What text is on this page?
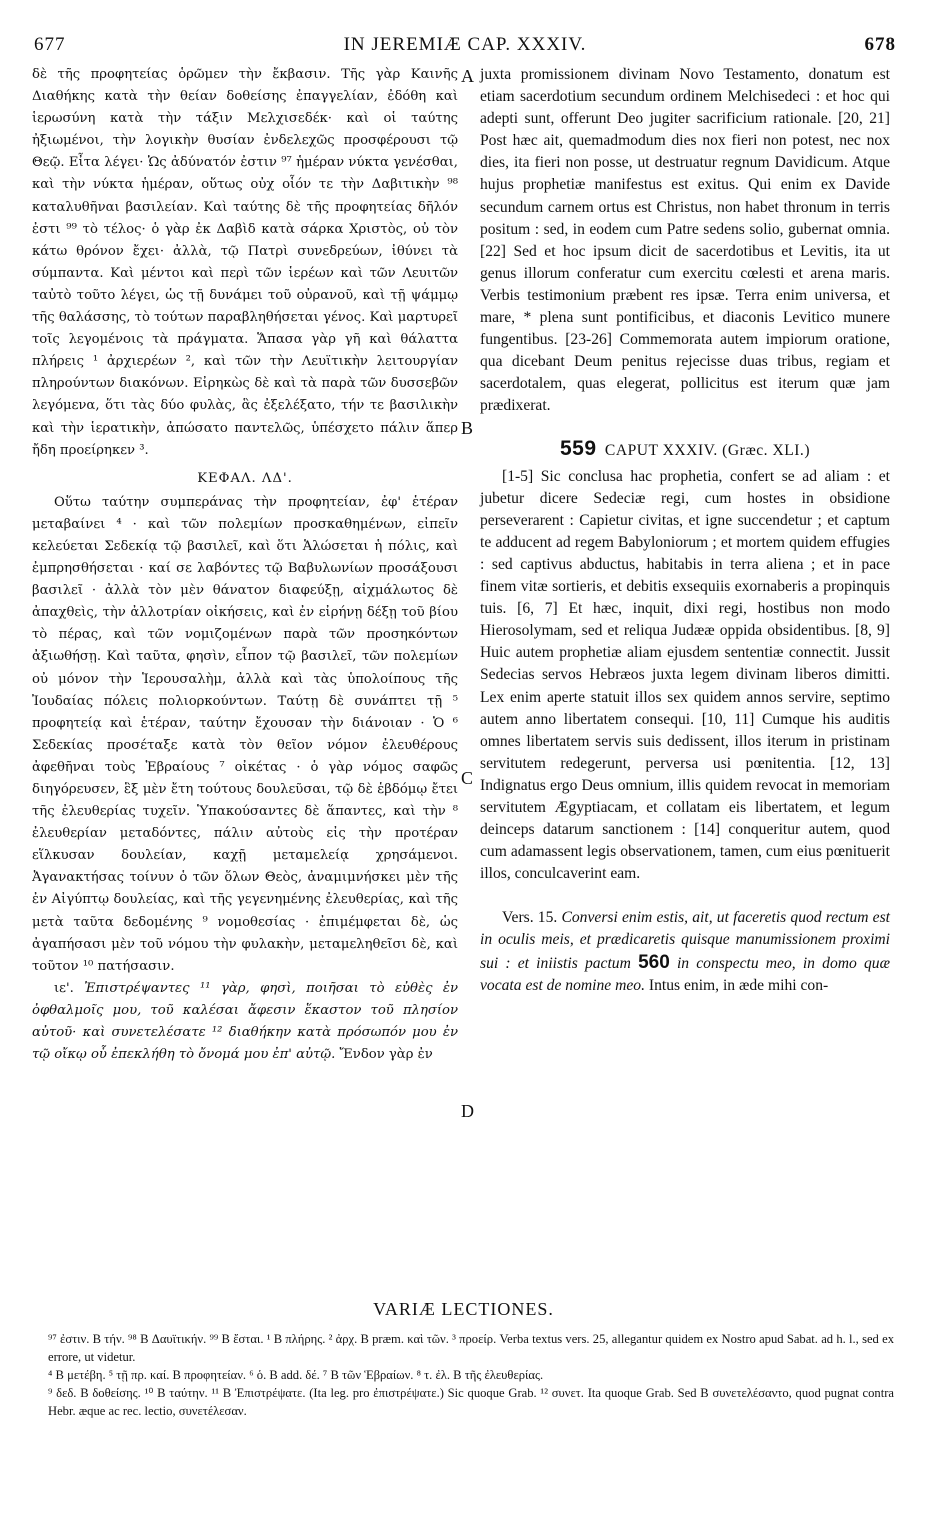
677	IN JEREMIÆ CAP. XXXIV.	678

δὲ τῆς προφητείας ὁρῶμεν τὴν ἔκβασιν. Τῆς γὰρ Καινῆς Διαθήκης κατὰ τὴν θείαν δοθείσης ἐπαγγελίαν, ἐδόθη καὶ ἱερωσύνη κατὰ τὴν τάξιν Μελχισεδέκ· καὶ οἱ ταύτης ἠξιωμένοι, τὴν λογικὴν θυσίαν ἐνδελεχῶς προσφέρουσι τῷ Θεῷ. Εἶτα λέγει· Ὡς ἀδύνατόν ἐστιν ⁹⁷ ἡμέραν νύκτα γενέσθαι, καὶ τὴν νύκτα ἡμέραν, οὕτως οὐχ οἷόν τε τὴν Δαβιτικὴν ⁹⁸ καταλυθῆναι βασιλείαν. Καὶ ταύτης δὲ τῆς προφητείας δῆλόν ἐστι ⁹⁹ τὸ τέλος· ὁ γὰρ ἐκ Δαβὶδ κατὰ σάρκα Χριστὸς, οὐ τὸν κάτω θρόνον ἔχει· ἀλλὰ, τῷ Πατρὶ συνεδρεύων, ἰθύνει τὰ σύμπαντα. Καὶ μέντοι καὶ περὶ τῶν ἱερέων καὶ τῶν Λευιτῶν ταὐτὸ τοῦτο λέγει, ὡς τῇ δυνάμει τοῦ οὐρανοῦ, καὶ τῇ ψάμμῳ τῆς θαλάσσης, τὸ τούτων παραβληθήσεται γένος. Καὶ μαρτυρεῖ τοῖς λεγομένοις τὰ πράγματα. Ἅπασα γὰρ γῆ καὶ θάλαττα πλήρεις ¹ ἀρχιερέων ², καὶ τῶν τὴν Λευϊτικὴν λειτουργίαν πληρούντων διακόνων. Εἰρηκὼς δὲ καὶ τὰ παρὰ τῶν δυσσεβῶν λεγόμενα, ὅτι τὰς δύο φυλὰς, ἃς ἐξελέξατο, τήν τε βασιλικὴν καὶ τὴν ἱερατικὴν, ἀπώσατο παντελῶς, ὑπέσχετο πάλιν ἅπερ ἤδη προείρηκεν ³.

ΚΕΦΑΛ. ΛΔ'.

Οὕτω ταύτην συμπεράνας τὴν προφητείαν, ἐφ' ἑτέραν μεταβαίνει ⁴ · καὶ τῶν πολεμίων προσκαθημένων, εἰπεῖν κελεύεται Σεδεκίᾳ τῷ βασιλεῖ, καὶ ὅτι Ἁλώσεται ἡ πόλις, καὶ ἐμπρησθήσεται · καί σε λαβόντες τῷ Βαβυλωνίων προσάξουσι βασιλεῖ · ἀλλὰ τὸν μὲν θάνατον διαφεύξῃ, αἰχμάλωτος δὲ ἀπαχθεὶς, τὴν ἀλλοτρίαν οἰκήσεις, καὶ ἐν εἰρήνῃ δέξῃ τοῦ βίου τὸ πέρας, καὶ τῶν νομιζομένων παρὰ τῶν προσηκόντων ἀξιωθήσῃ. Καὶ ταῦτα, φησὶν, εἶπον τῷ βασιλεῖ, τῶν πολεμίων οὐ μόνον τὴν Ἱερουσαλὴμ, ἀλλὰ καὶ τὰς ὑπολοίπους τῆς Ἰουδαίας πόλεις πολιορκούντων. Ταύτῃ δὲ συνάπτει τῇ ⁵ προφητείᾳ καὶ ἑτέραν, ταύτην ἔχουσαν τὴν διάνοιαν · Ὁ ⁶ Σεδεκίας προσέταξε κατὰ τὸν θεῖον νόμον ἐλευθέρους ἀφεθῆναι τοὺς Ἑβραίους ⁷ οἰκέτας · ὁ γὰρ νόμος σαφῶς διηγόρευσεν, ἓξ μὲν ἔτη τούτους δουλεῦσαι, τῷ δὲ ἑβδόμῳ ἔτει τῆς ἐλευθερίας τυχεῖν. Ὑπακούσαντες δὲ ἅπαντες, καὶ τὴν ⁸ ἐλευθερίαν μεταδόντες, πάλιν αὐτοὺς εἰς τὴν προτέραν εἵλκυσαν δουλείαν, καχῇ μεταμελείᾳ χρησάμενοι. Ἀγανακτήσας τοίνυν ὁ τῶν ὅλων Θεὸς, ἀναμιμνήσκει μὲν τῆς ἐν Αἰγύπτῳ δουλείας, καὶ τῆς γεγενημένης ἐλευθερίας, καὶ τῆς μετὰ ταῦτα δεδομένης ⁹ νομοθεσίας · ἐπιμέμφεται δὲ, ὡς ἀγαπήσασι μὲν τοῦ νόμου τὴν φυλακὴν, μεταμεληθεῖσι δὲ, καὶ τοῦτον ¹⁰ πατήσασιν.

ιε'. Ἐπιστρέψαντες ¹¹ γὰρ, φησὶ, ποιῆσαι τὸ εὐθὲς ἐν ὀφθαλμοῖς μου, τοῦ καλέσαι ἄφεσιν ἕκαστον τοῦ πλησίον αὐτοῦ· καὶ συνετελέσατε ¹² διαθήκην κατὰ πρόσωπόν μου ἐν τῷ οἴκῳ οὗ ἐπεκλήθη τὸ ὄνομά μου ἐπ' αὐτῷ. Ἔνδον γὰρ ἐν

A
B
C
D

juxta promissionem divinam Novo Testamento, donatum est etiam sacerdotium secundum ordinem Melchisedeci : et hoc qui adepti sunt, offerunt Deo jugiter sacrificium rationale. [20, 21] Post hæc ait, quemadmodum dies nox fieri non potest, nec nox dies, ita fieri non posse, ut destruatur regnum Davidicum. Atque hujus prophetiæ manifestus est exitus. Qui enim ex Davide secundum carnem ortus est Christus, non habet thronum in terris positum : sed, in eodem cum Patre sedens solio, gubernat omnia. [22] Sed et hoc ipsum dicit de sacerdotibus et Levitis, ita ut genus illorum conferatur cum exercitu cœlesti et arena maris. Verbis testimonium præbent res ipsæ. Terra enim universa, et mare, * plena sunt pontificibus, et diaconis Levitico munere fungentibus. [23-26] Commemorata autem impiorum oratione, qua dicebant Deum penitus rejecisse duas tribus, regiam et sacerdotalem, quas elegerat, pollicitus est iterum quæ jam prædixerat.

559 CAPUT XXXIV. (Græc. XLI.)

[1-5] Sic conclusa hac prophetia, confert se ad aliam : et jubetur dicere Sedeciæ regi, cum hostes in obsidione perseverarent : Capietur civitas, et igne succendetur ; et captum te adducent ad regem Babyloniorum ; et mortem quidem effugies : sed captivus abductus, habitabis in terra aliena ; et in pace finem vitæ sortieris, et debitis exsequiis exornaberis a propinquis tuis. [6, 7] Et hæc, inquit, dixi regi, hostibus non modo Hierosolymam, sed et reliqua Judææ oppida obsidentibus. [8, 9] Huic autem prophetiæ aliam ejusdem sententiæ connectit. Jussit Sedecias servos Hebræos juxta legem divinam liberos dimitti. Lex enim aperte statuit illos sex quidem annos servire, septimo autem anno libertatem consequi. [10, 11] Cumque his auditis omnes libertatem servis suis dedissent, illos iterum in pristinam servitutem redegerunt, perversa usi pœnitentia. [12, 13] Indignatus ergo Deus omnium, illis quidem revocat in memoriam servitutem Ægyptiacam, et collatam eis libertatem, et legum deinceps datarum sanctionem : [14] conqueritur autem, quod cum adamassent legis observationem, tamen, cum eius pœnituerit illos, conculcaverint eam.

Vers. 15. Conversi enim estis, ait, ut faceretis quod rectum est in oculis meis, et prædicaretis quisque manumissionem proximi sui : et iniistis pactum 560 in conspectu meo, in domo quæ vocata est de nomine meo. Intus enim, in æde mihi con-

VARIÆ LECTIONES.

⁹⁷ ἐστιν. B τήν. ⁹⁸ B Δαυϊτικήν. ⁹⁹ B ἔσται. ¹ B πλήρης. ² ἀρχ. B præm. καὶ τῶν. ³ προείρ. Verba textus vers. 25, allegantur quidem ex Nostro apud Sabat. ad h. l., sed ex errore, ut videtur.

⁴ B μετέβη. ⁵ τῇ πρ. καί. B προφητείαν. ⁶ ὁ. B add. δέ. ⁷ B τῶν Ἑβραίων. ⁸ τ. ἐλ. B τῆς ἐλευθερίας.

⁹ δεδ. B δοθείσης. ¹⁰ B ταύτην. ¹¹ B Ἐπιστρέψατε. (Ita leg. pro ἐπιστρέψατε.) Sic quoque Grab. ¹² συνετ. Ita quoque Grab. Sed B συνετελέσαντο, quod pugnat contra Hebr. æque ac rec. lectio, συνετέλεσαν.
